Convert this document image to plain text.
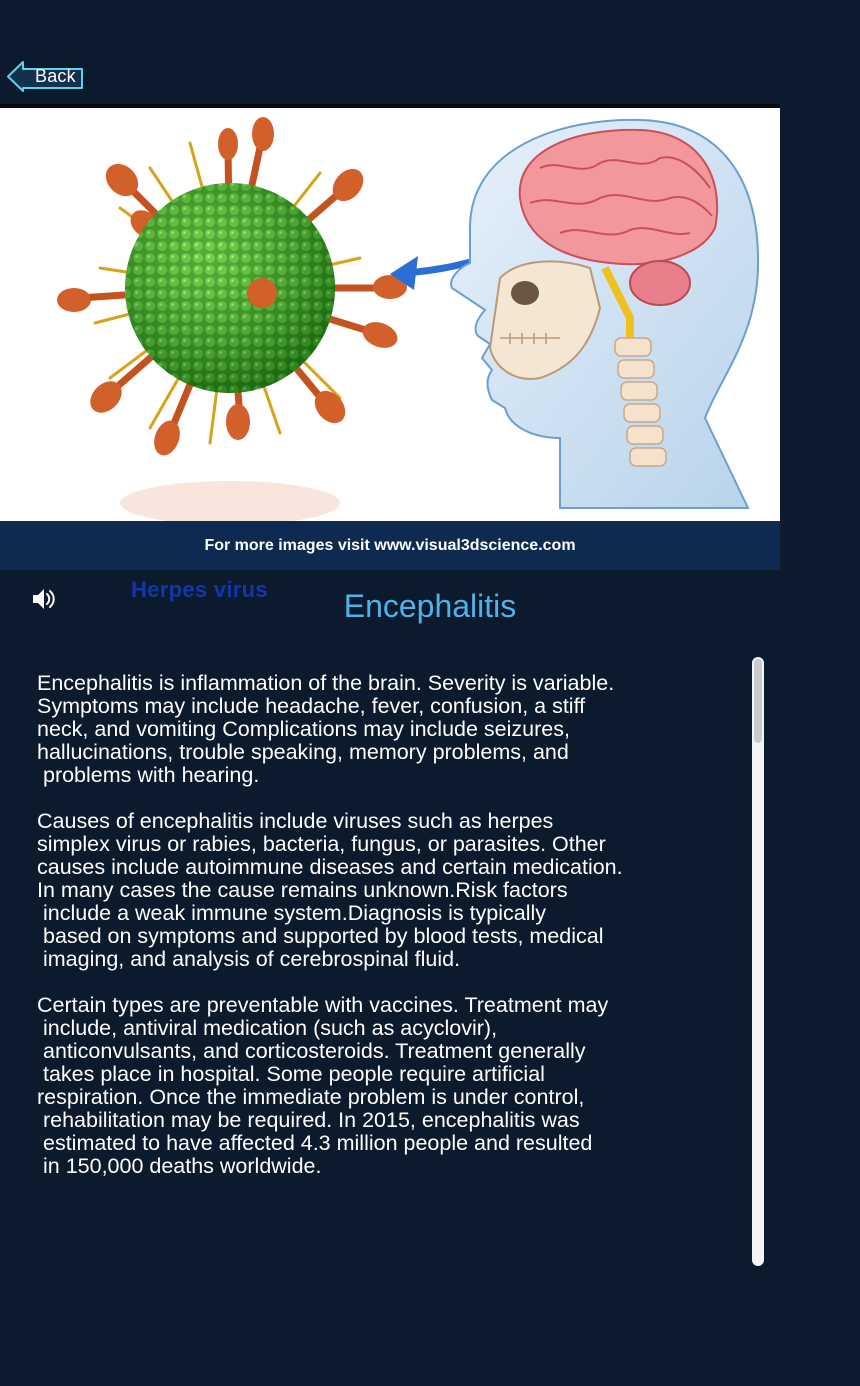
Back
Herpes virus
For more images visit www.visual3dscience.com
Encephalitis

Encephalitis is inflammation of the brain. Severity is variable.
Symptoms may include headache, fever, confusion, a stiff
neck, and vomiting Complications may include seizures,
hallucinations, trouble speaking, memory problems, and
problems with hearing.

Causes of encephalitis include viruses such as herpes
simplex virus or rabies, bacteria, fungus, or parasites. Other
causes include autoimmune diseases and certain medication.
In many cases the cause remains unknown.Risk factors
include a weak immune system.Diagnosis is typically
based on symptoms and supported by blood tests, medical
imaging, and analysis of cerebrospinal fluid.

Certain types are preventable with vaccines. Treatment may
include, antiviral medication (such as acyclovir),
anticonvulsants, and corticosteroids. Treatment generally
takes place in hospital. Some people require artificial
respiration. Once the immediate problem is under control,
rehabilitation may be required. In 2015, encephalitis was
estimated to have affected 4.3 million people and resulted
in 150,000 deaths worldwide.
